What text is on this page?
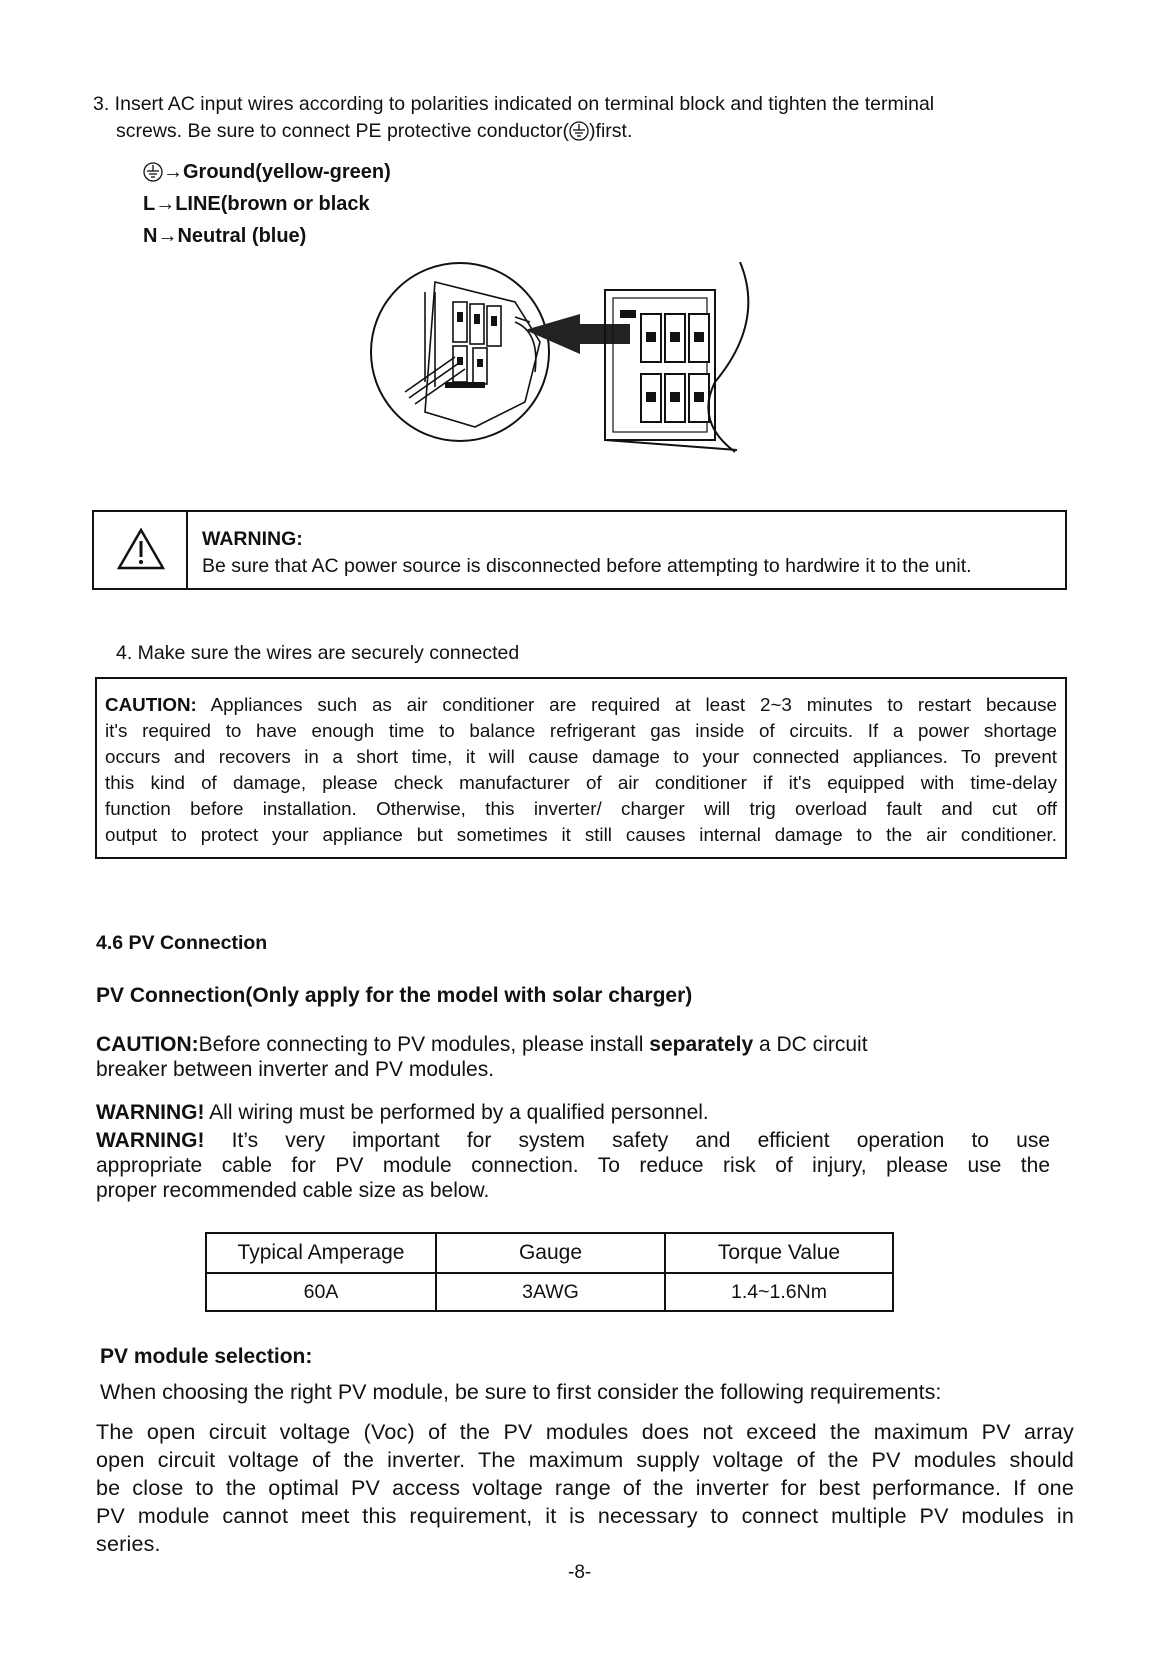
3. Insert AC input wires according to polarities indicated on terminal block and tighten the terminal
screws. Be sure to connect PE protective conductor( )first.
→Ground(yellow-green)
L→LINE(brown or black
N→Neutral (blue)
WARNING:
Be sure that AC power source is disconnected before attempting to hardwire it to the unit.
4. Make sure the wires are securely connected
CAUTION: Appliances such as air conditioner are required at least 2~3 minutes to restart because
it's required to have enough time to balance refrigerant gas inside of circuits. If a power shortage
occurs and recovers in a short time, it will cause damage to your connected appliances. To prevent
this kind of damage, please check manufacturer of air conditioner if it's equipped with time-delay
function before installation. Otherwise, this inverter/ charger will trig overload fault and cut off
output to protect your appliance but sometimes it still causes internal damage to the air conditioner.
4.6 PV Connection
PV Connection(Only apply for the model with solar charger)
CAUTION:Before connecting to PV modules, please install separately a DC circuit
breaker between inverter and PV modules.
WARNING! All wiring must be performed by a qualified personnel.
WARNING! It’s very important for system safety and efficient operation to use
appropriate cable for PV module connection. To reduce risk of injury, please use the
proper recommended cable size as below.
Typical Amperage	Gauge	Torque Value
60A	3AWG	1.4~1.6Nm
PV module selection:
When choosing the right PV module, be sure to first consider the following requirements:
The open circuit voltage (Voc) of the PV modules does not exceed the maximum PV array
open circuit voltage of the inverter. The maximum supply voltage of the PV modules should
be close to the optimal PV access voltage range of the inverter for best performance. If one
PV module cannot meet this requirement, it is necessary to connect multiple PV modules in
series.
-8-
